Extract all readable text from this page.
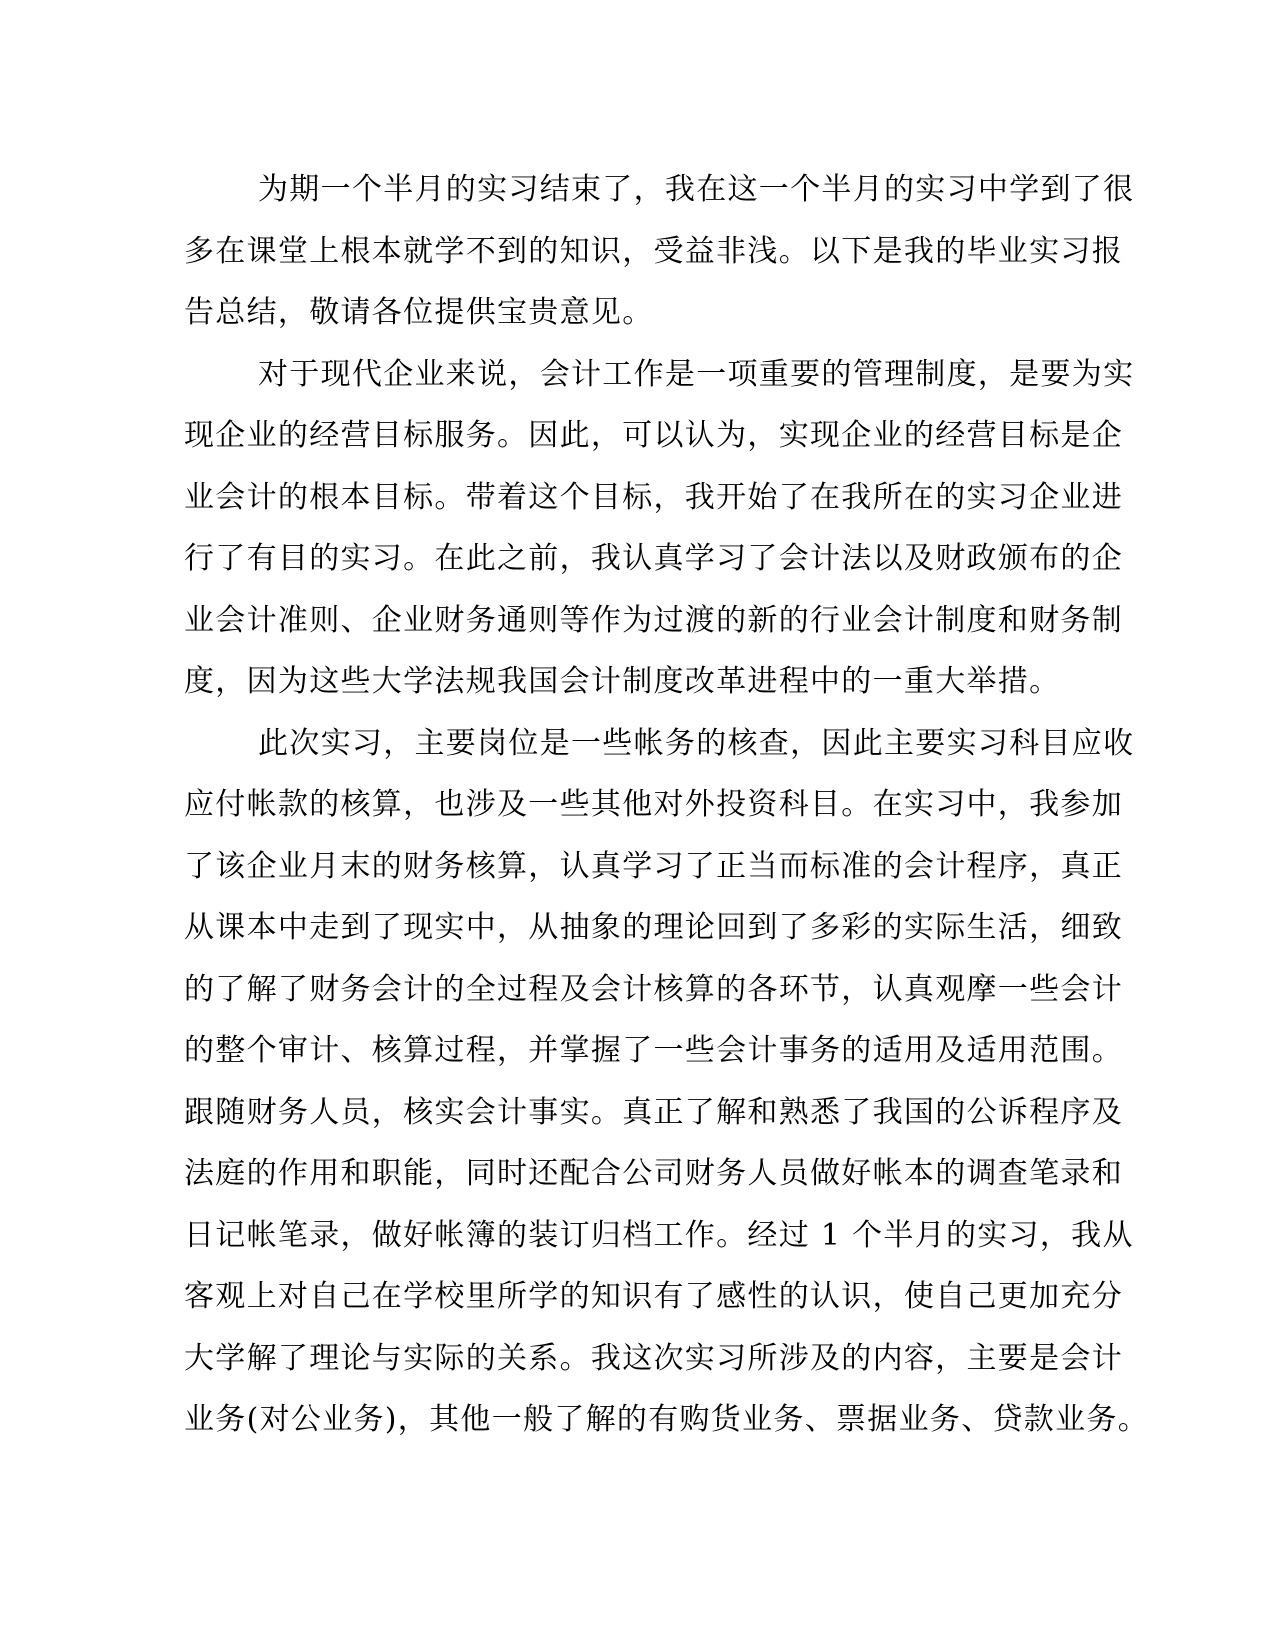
为期一个半月的实习结束了，我在这一个半月的实习中学到了很
多在课堂上根本就学不到的知识，受益非浅。以下是我的毕业实习报
告总结，敬请各位提供宝贵意见。
对于现代企业来说，会计工作是一项重要的管理制度，是要为实
现企业的经营目标服务。因此，可以认为，实现企业的经营目标是企
业会计的根本目标。带着这个目标，我开始了在我所在的实习企业进
行了有目的实习。在此之前，我认真学习了会计法以及财政颁布的企
业会计准则、企业财务通则等作为过渡的新的行业会计制度和财务制
度，因为这些大学法规我国会计制度改革进程中的一重大举措。
此次实习，主要岗位是一些帐务的核查，因此主要实习科目应收
应付帐款的核算，也涉及一些其他对外投资科目。在实习中，我参加
了该企业月末的财务核算，认真学习了正当而标准的会计程序，真正
从课本中走到了现实中，从抽象的理论回到了多彩的实际生活，细致
的了解了财务会计的全过程及会计核算的各环节，认真观摩一些会计
的整个审计、核算过程，并掌握了一些会计事务的适用及适用范围。
跟随财务人员，核实会计事实。真正了解和熟悉了我国的公诉程序及
法庭的作用和职能，同时还配合公司财务人员做好帐本的调查笔录和
日记帐笔录，做好帐簿的装订归档工作。经过 1 个半月的实习，我从
客观上对自己在学校里所学的知识有了感性的认识，使自己更加充分
大学解了理论与实际的关系。我这次实习所涉及的内容，主要是会计
业务(对公业务)，其他一般了解的有购货业务、票据业务、贷款业务。
